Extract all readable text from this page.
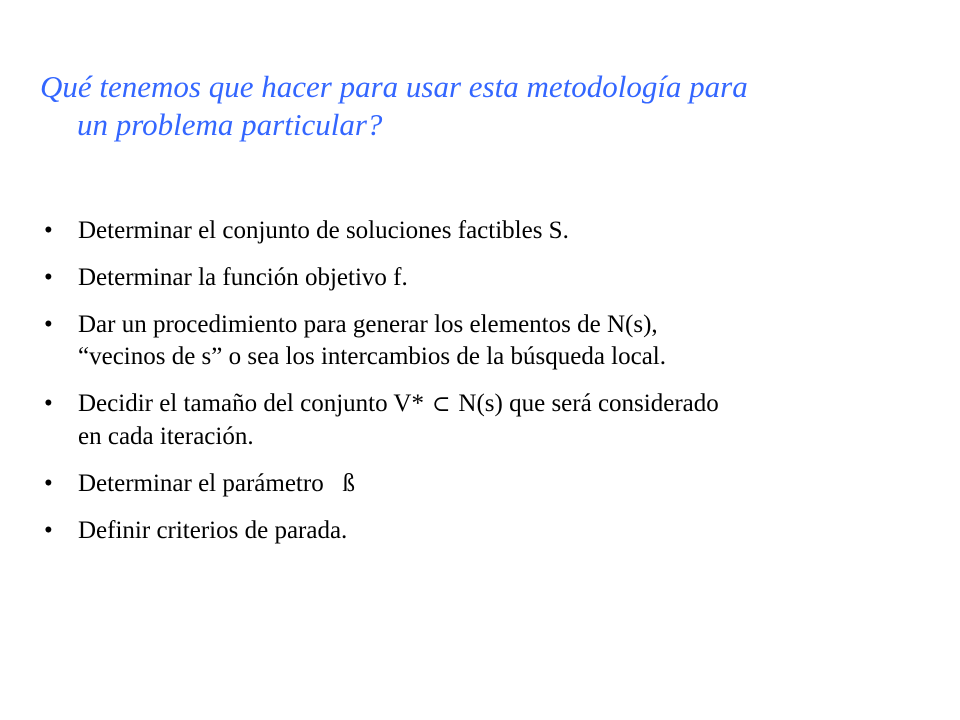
Qué tenemos que hacer para usar esta metodología para
un problema particular?
•	Determinar el conjunto de soluciones factibles S.
•	Determinar la función objetivo f.
•	Dar un procedimiento para generar los elementos de N(s),
“vecinos de s” o sea los intercambios de la búsqueda local.
•	Decidir el tamaño del conjunto V* ⊂ N(s) que será considerado
en cada iteración.
•	Determinar el parámetro   ß
•	Definir criterios de parada.
